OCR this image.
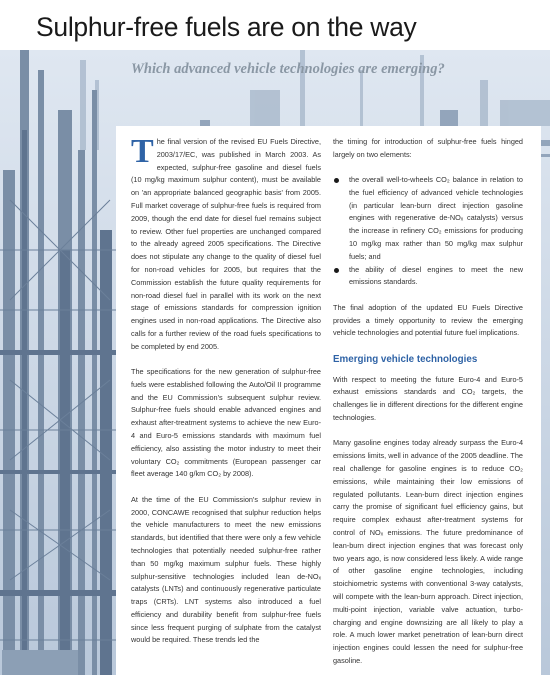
Sulphur-free fuels are on the way
Which advanced vehicle technologies are emerging?

The final version of the revised EU Fuels Directive, 2003/17/EC, was published in March 2003. As expected, sulphur-free gasoline and diesel fuels (10 mg/kg maximum sulphur content), must be available on 'an appropriate balanced geographic basis' from 2005. Full market coverage of sulphur-free fuels is required from 2009, though the end date for diesel fuel remains subject to review. Other fuel properties are unchanged compared to the already agreed 2005 specifications. The Directive does not stipulate any change to the quality of diesel fuel for non-road vehicles for 2005, but requires that the Commission establish the future quality requirements for non-road diesel fuel in parallel with its work on the next stage of emissions standards for compression ignition engines used in non-road applications. The Directive also calls for a further review of the road fuels specifications to be completed by end 2005.

The specifications for the new generation of sulphur-free fuels were established following the Auto/Oil II programme and the EU Commission's subsequent sulphur review. Sulphur-free fuels should enable advanced engines and exhaust after-treatment systems to achieve the new Euro-4 and Euro-5 emissions standards with maximum fuel efficiency, also assisting the motor industry to meet their voluntary CO₂ commitments (European passenger car fleet average 140 g/km CO₂ by 2008).

At the time of the EU Commission's sulphur review in 2000, CONCAWE recognised that sulphur reduction helps the vehicle manufacturers to meet the new emissions standards, but identified that there were only a few vehicle technologies that potentially needed sulphur-free rather than 50 mg/kg maximum sulphur fuels. These highly sulphur-sensitive technologies included lean de-NOₓ catalysts (LNTs) and continuously regenerative particulate traps (CRTs). LNT systems also introduced a fuel efficiency and durability benefit from sulphur-free fuels since less frequent purging of sulphate from the catalyst would be required. These trends led the

the timing for introduction of sulphur-free fuels hinged largely on two elements:

the overall well-to-wheels CO₂ balance in relation to the fuel efficiency of advanced vehicle technologies (in particular lean-burn direct injection gasoline engines with regenerative de-NOₓ catalysts) versus the increase in refinery CO₂ emissions for producing 10 mg/kg max rather than 50 mg/kg max sulphur fuels; and
the ability of diesel engines to meet the new emissions standards.

The final adoption of the updated EU Fuels Directive provides a timely opportunity to review the emerging vehicle technologies and potential future fuel implications.

Emerging vehicle technologies

With respect to meeting the future Euro-4 and Euro-5 exhaust emissions standards and CO₂ targets, the challenges lie in different directions for the different engine technologies.

Many gasoline engines today already surpass the Euro-4 emissions limits, well in advance of the 2005 deadline. The real challenge for gasoline engines is to reduce CO₂ emissions, while maintaining their low emissions of regulated pollutants. Lean-burn direct injection engines carry the promise of significant fuel efficiency gains, but require complex exhaust after-treatment systems for control of NOₓ emissions. The future predominance of lean-burn direct injection engines that was forecast only two years ago, is now considered less likely. A wide range of other gasoline engine technologies, including stoichiometric systems with conventional 3-way catalysts, will compete with the lean-burn approach. Direct injection, multi-point injection, variable valve actuation, turbo-charging and engine downsizing are all likely to play a role. A much lower market penetration of lean-burn direct injection engines could lessen the need for sulphur-free gasoline.
